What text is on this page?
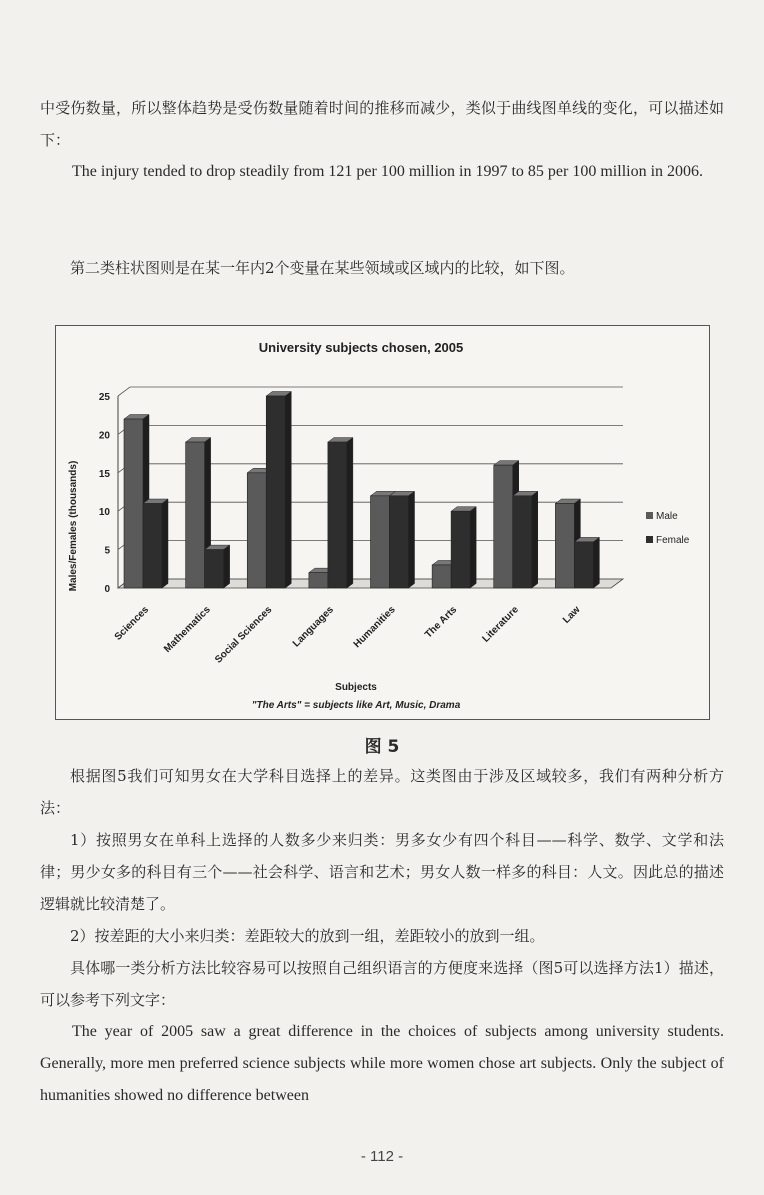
中受伤数量，所以整体趋势是受伤数量随着时间的推移而减少，类似于曲线图单线的变化，可以描述如下：

The injury tended to drop steadily from 121 per 100 million in 1997 to 85 per 100 million in 2006.

第二类柱状图则是在某一年内2个变量在某些领域或区域内的比较，如下图。

University subjects chosen, 2005
0
5
10
15
20
25
Sciences Mathematics Social Sciences Languages Humanities	The Arts Literature	Law
Male
Female
Males/Females (thousands)
Subjects
"The Arts" = subjects like Art, Music, Drama
图 5

根据图5我们可知男女在大学科目选择上的差异。这类图由于涉及区域较多，我们有两种分析方法：

1）按照男女在单科上选择的人数多少来归类：男多女少有四个科目——科学、数学、文学和法律；男少女多的科目有三个——社会科学、语言和艺术；男女人数一样多的科目：人文。因此总的描述逻辑就比较清楚了。

2）按差距的大小来归类：差距较大的放到一组，差距较小的放到一组。

具体哪一类分析方法比较容易可以按照自己组织语言的方便度来选择（图5可以选择方法1）描述，可以参考下列文字：

The year of 2005 saw a great difference in the choices of subjects among university students. Generally, more men preferred science subjects while more women chose art subjects. Only the subject of humanities showed no difference between

- 112 -
